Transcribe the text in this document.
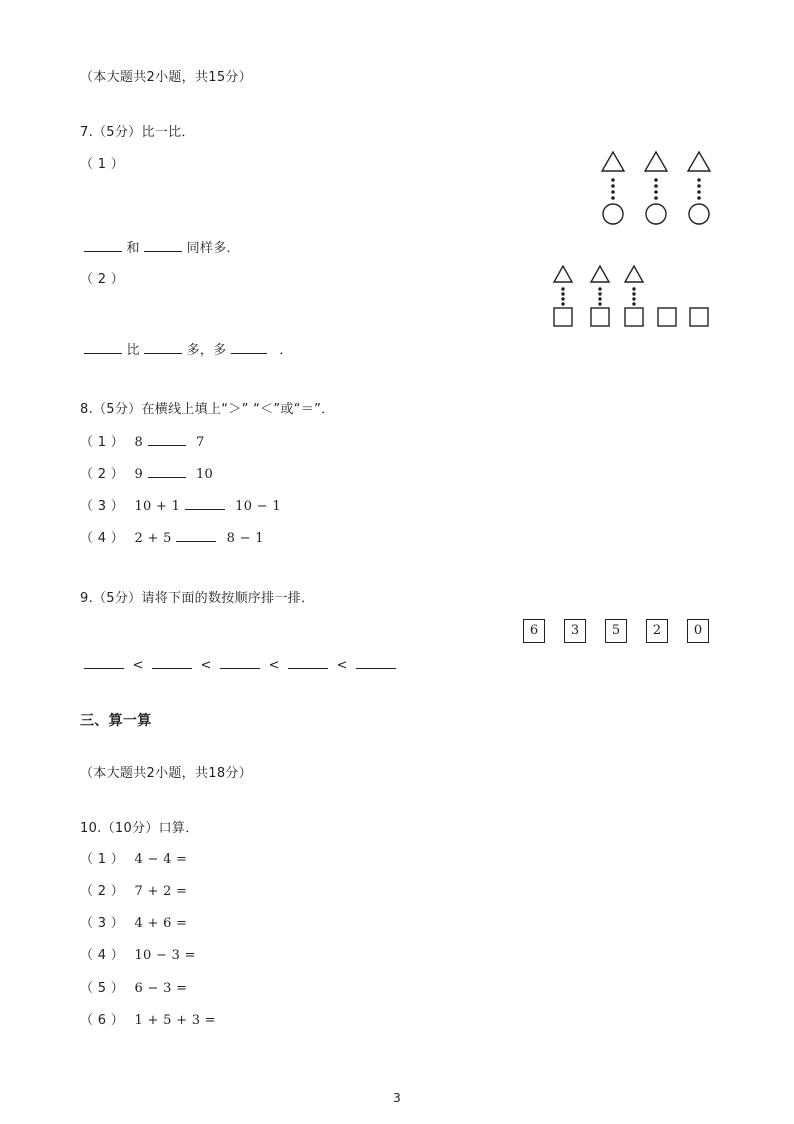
（本大题共2小题，共15分）
7.（5分）比一比．
（ 1 ）
和	同样多．
（ 2 ）
比	多，多	．
8.（5分）在横线上填上“＞” “＜”或“＝”．
（ 1 ） 8	7
（ 2 ） 9	10
（ 3 ） 10 + 1	10 − 1
（ 4 ） 2 + 5	8 − 1
9.（5分）请将下面的数按顺序排一排．
6	3	5	2	0
<	<	<	<
三、算一算
（本大题共2小题，共18分）
10.（10分）口算．
（ 1 ） 4 − 4 =
（ 2 ） 7 + 2 =
（ 3 ） 4 + 6 =
（ 4 ） 10 − 3 =
（ 5 ） 6 − 3 =
（ 6 ） 1 + 5 + 3 =
3
